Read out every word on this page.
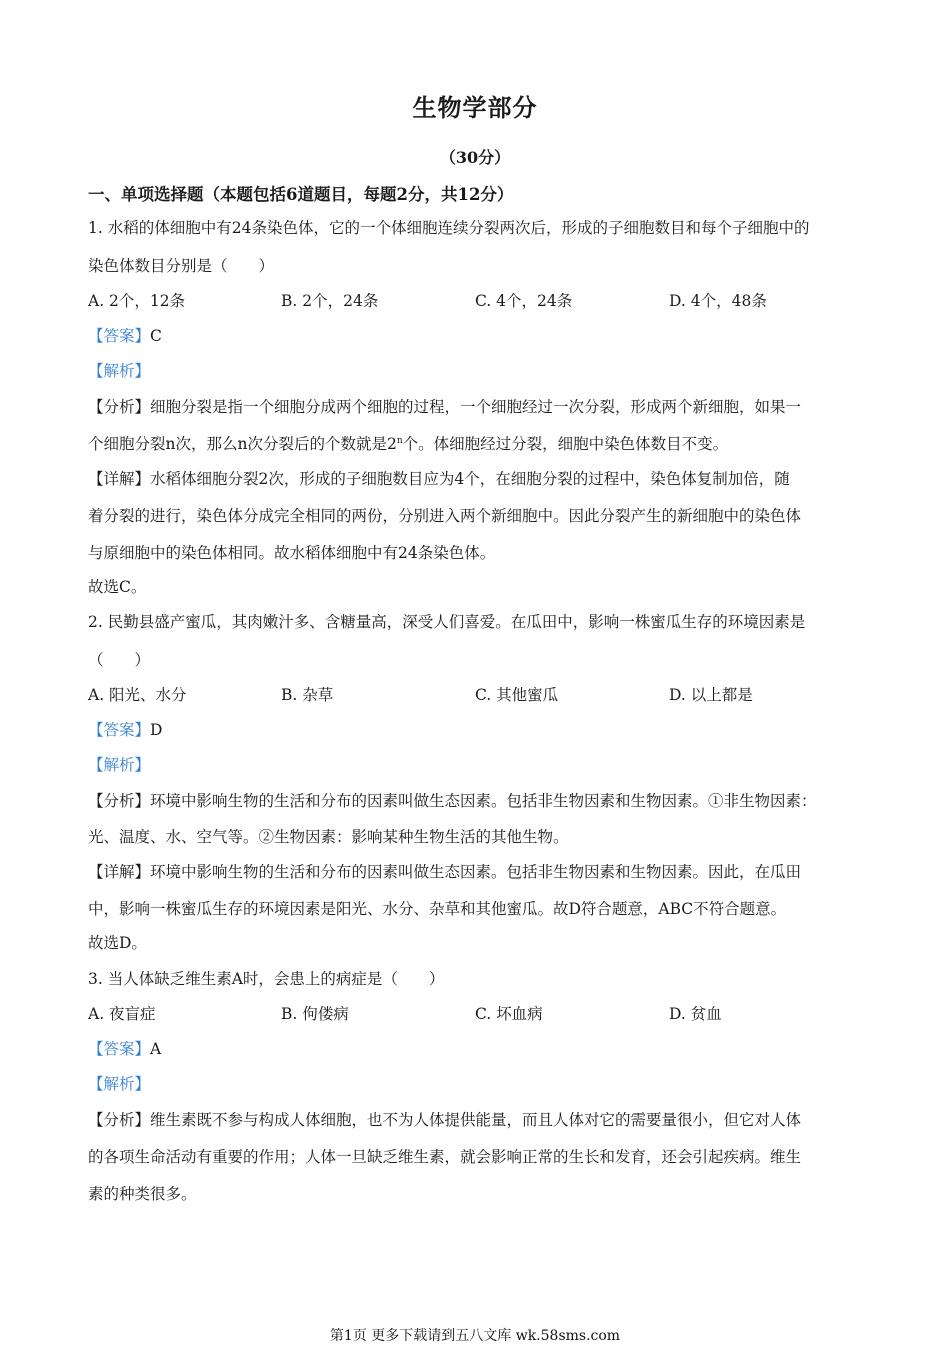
生物学部分
（30分）
一、单项选择题（本题包括6道题目，每题2分，共12分）
1. 水稻的体细胞中有24条染色体，它的一个体细胞连续分裂两次后，形成的子细胞数目和每个子细胞中的
染色体数目分别是（　　）
A. 2个，12条	B. 2个，24条	C. 4个，24条	D. 4个，48条
【答案】C
【解析】
【分析】细胞分裂是指一个细胞分成两个细胞的过程，一个细胞经过一次分裂，形成两个新细胞，如果一
个细胞分裂n次，那么n次分裂后的个数就是2$^n$个。体细胞经过分裂，细胞中染色体数目不变。
【详解】水稻体细胞分裂2次，形成的子细胞数目应为4个，在细胞分裂的过程中，染色体复制加倍，随
着分裂的进行，染色体分成完全相同的两份，分别进入两个新细胞中。因此分裂产生的新细胞中的染色体
与原细胞中的染色体相同。故水稻体细胞中有24条染色体。
故选C。
2. 民勤县盛产蜜瓜，其肉嫩汁多、含糖量高，深受人们喜爱。在瓜田中，影响一株蜜瓜生存的环境因素是
（　　）
A. 阳光、水分	B. 杂草	C. 其他蜜瓜	D. 以上都是
【答案】D
【解析】
【分析】环境中影响生物的生活和分布的因素叫做生态因素。包括非生物因素和生物因素。①非生物因素：
光、温度、水、空气等。②生物因素：影响某种生物生活的其他生物。
【详解】环境中影响生物的生活和分布的因素叫做生态因素。包括非生物因素和生物因素。因此，在瓜田
中，影响一株蜜瓜生存的环境因素是阳光、水分、杂草和其他蜜瓜。故D符合题意，ABC不符合题意。
故选D。
3. 当人体缺乏维生素A时，会患上的病症是（　　）
A. 夜盲症	B. 佝偻病	C. 坏血病	D. 贫血
【答案】A
【解析】
【分析】维生素既不参与构成人体细胞，也不为人体提供能量，而且人体对它的需要量很小，但它对人体
的各项生命活动有重要的作用；人体一旦缺乏维生素，就会影响正常的生长和发育，还会引起疾病。维生
素的种类很多。
第1页 更多下载请到五八文库 wk.58sms.com
